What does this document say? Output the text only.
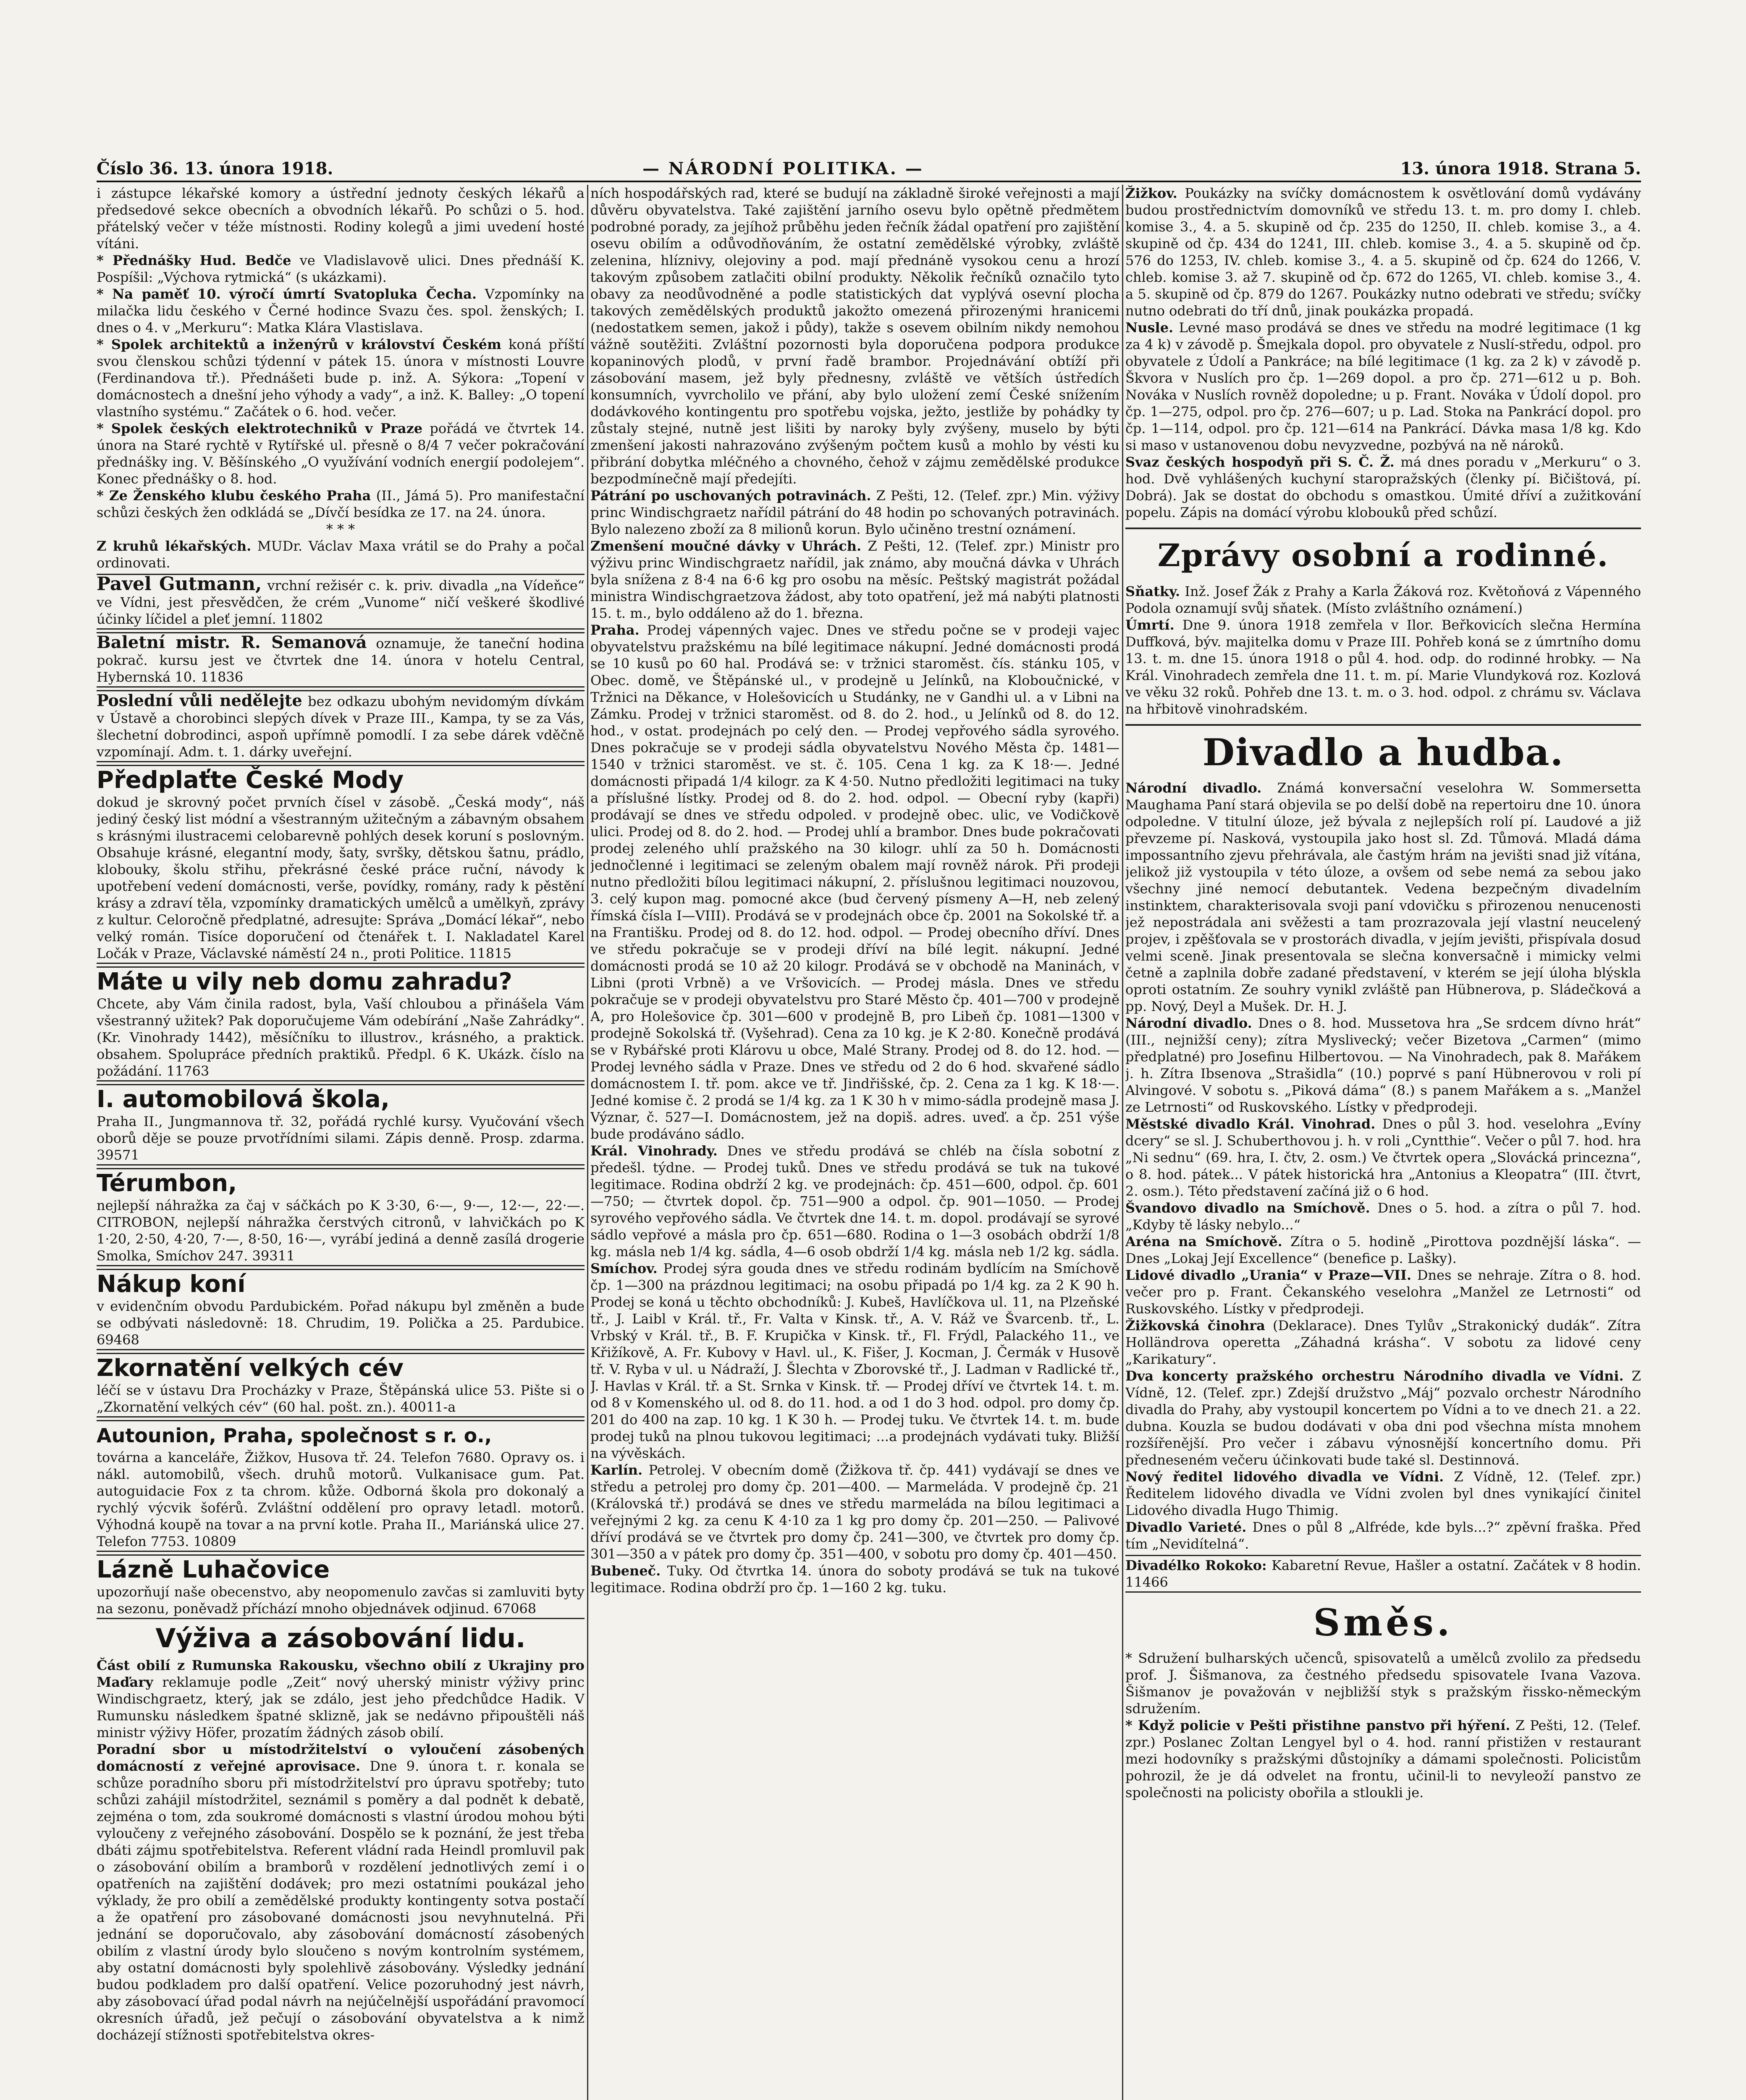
Číslo 36. 13. února 1918.	— NÁRODNÍ POLITIKA. —	13. února 1918. Strana 5.

i zástupce lékařské komory a ústřední jednoty českých lékařů a předsedové sekce obecních a obvodních lékařů. Po schůzi o 5. hod. přátelský večer v téže místnosti. Rodiny kolegů a jimi uvedení hosté vítáni.

* Přednášky Hud. Bedče ve Vladislavově ulici. Dnes přednáší K. Pospíšil: „Výchova rytmická“ (s ukázkami).

* Na paměť 10. výročí úmrtí Svatopluka Čecha. Vzpomínky na milačka lidu českého v Černé hodince Svazu čes. spol. ženských; I. dnes o 4. v „Merkuru“: Matka Klára Vlastislava.

* Spolek architektů a inženýrů v království Českém koná příští svou členskou schůzi týdenní v pátek 15. února v místnosti Louvre (Ferdinandova tř.). Přednášeti bude p. inž. A. Sýkora: „Topení v domácnostech a dnešní jeho výhody a vady“, a inž. K. Balley: „O topení vlastního systému.“ Začátek o 6. hod. večer.

* Spolek českých elektrotechniků v Praze pořádá ve čtvrtek 14. února na Staré rychtě v Rytířské ul. přesně o 8/4 7 večer pokračování přednášky ing. V. Běšínského „O využívání vodních energií podolejem“. Konec přednášky o 8. hod.

* Ze Ženského klubu českého Praha (II., Jámá 5). Pro manifestační schůzi českých žen odkládá se „Dívčí besídka ze 17. na 24. února.

* * *

Z kruhů lékařských. MUDr. Václav Maxa vrátil se do Prahy a počal ordinovati.

Pavel Gutmann, vrchní režisér c. k. priv. divadla „na Vídeňce“ ve Vídni, jest přesvědčen, že crém „Vunome“ ničí veškeré škodlivé účinky líčidel a pleť jemní. 11802

Baletní mistr. R. Semanová oznamuje, že taneční hodina pokrač. kursu jest ve čtvrtek dne 14. února v hotelu Central, Hybernská 10. 11836

Poslední vůli nedělejte bez odkazu ubohým nevidomým dívkám v Ústavě a chorobinci slepých dívek v Praze III., Kampa, ty se za Vás, šlechetní dobrodinci, aspoň upřímně pomodlí. I za sebe dárek vděčně vzpomínají. Adm. t. 1. dárky uveřejní.

Předplaťte České Mody

dokud je skrovný počet prvních čísel v zásobě. „Česká mody“, náš jediný český list módní a všestranným užitečným a zábavným obsahem s krásnými ilustracemi celobarevně pohlých desek koruní s poslovným. Obsahuje krásné, elegantní mody, šaty, svršky, dětskou šatnu, prádlo, klobouky, školu střihu, překrásné české práce ruční, návody k upotřebení vedení domácnosti, verše, povídky, romány, rady k pěstění krásy a zdraví těla, vzpomínky dramatických umělců a umělkyň, zprávy z kultur. Celoročně předplatné, adresujte: Správa „Domácí lékař“, nebo velký román. Tisíce doporučení od čtenářek t. I. Nakladatel Karel Ločák v Praze, Václavské náměstí 24 n., proti Politice. 11815

Máte u vily neb domu zahradu?

Chcete, aby Vám činila radost, byla, Vaší chloubou a přinášela Vám všestranný užitek? Pak doporučujeme Vám odebírání „Naše Zahrádky“. (Kr. Vinohrady 1442), měsíčníku to illustrov., krásného, a praktick. obsahem. Spolupráce předních praktiků. Předpl. 6 K. Ukázk. číslo na požádání. 11763

I. automobilová škola,

Praha II., Jungmannova tř. 32, pořádá rychlé kursy. Vyučování všech oborů děje se pouze prvotřídními silami. Zápis denně. Prosp. zdarma. 39571

Térumbon,

nejlepší náhražka za čaj v sáčkách po K 3·30, 6·—, 9·—, 12·—, 22·—. CITROBON, nejlepší náhražka čerstvých citronů, v lahvičkách po K 1·20, 2·50, 4·20, 7·—, 8·50, 16·—, vyrábí jediná a denně zasílá drogerie Smolka, Smíchov 247. 39311

Nákup koní

v evidenčním obvodu Pardubickém. Pořad nákupu byl změněn a bude se odbývati následovně: 18. Chrudim, 19. Polička a 25. Pardubice. 69468

Zkornatění velkých cév

léčí se v ústavu Dra Procházky v Praze, Štěpánská ulice 53. Pište si o „Zkornatění velkých cév“ (60 hal. pošt. zn.). 40011-a

Autounion, Praha, společnost s r. o.,

továrna a kanceláře, Žižkov, Husova tř. 24. Telefon 7680. Opravy os. i nákl. automobilů, všech. druhů motorů. Vulkanisace gum. Pat. autoguidacie Fox z ta chrom. kůže. Odborná škola pro dokonalý a rychlý výcvik šoférů. Zvláštní oddělení pro opravy letadl. motorů. Výhodná koupě na tovar a na první kotle. Praha II., Mariánská ulice 27. Telefon 7753. 10809

Lázně Luhačovice

upozorňují naše obecenstvo, aby neopomenulo zavčas si zamluviti byty na sezonu, poněvadž příchází mnoho objednávek odjinud. 67068

Výživa a zásobování lidu.

Část obilí z Rumunska Rakousku, všechno obilí z Ukrajiny pro Maďary reklamuje podle „Zeit“ nový uherský ministr výživy princ Windischgraetz, který, jak se zdálo, jest jeho předchůdce Hadik. V Rumunsku následkem špatné sklizně, jak se nedávno připouštěli náš ministr výživy Höfer, prozatím žádných zásob obilí.

Poradní sbor u místodržitelství o vyloučení zásobených domácností z veřejné aprovisace. Dne 9. února t. r. konala se schůze poradního sboru při místodržitelství pro úpravu spotřeby; tuto schůzi zahájil místodržitel, seznámil s poměry a dal podnět k debatě, zejména o tom, zda soukromé domácnosti s vlastní úrodou mohou býti vyloučeny z veřejného zásobování. Dospělo se k poznání, že jest třeba dbáti zájmu spotřebitelstva. Referent vládní rada Heindl promluvil pak o zásobování obilím a bramborů v rozdělení jednotlivých zemí i o opatřeních na zajištění dodávek; pro mezi ostatními poukázal jeho výklady, že pro obilí a zemědělské produkty kontingenty sotva postačí a že opatření pro zásobované domácnosti jsou nevyhnutelná. Při jednání se doporučovalo, aby zásobování domácností zásobených obilím z vlastní úrody bylo sloučeno s novým kontrolním systémem, aby ostatní domácnosti byly spolehlivě zásobovány. Výsledky jednání budou podkladem pro další opatření. Velice pozoruhodný jest návrh, aby zásobovací úřad podal návrh na nejúčelnější uspořádání pravomocí okresních úřadů, jež pečují o zásobování obyvatelstva a k nimž docházejí stížnosti spotřebitelstva okres-

ních hospodářských rad, které se budují na základně široké veřejnosti a mají důvěru obyvatelstva. Také zajištění jarního osevu bylo opětně předmětem podrobné porady, za jejíhož průběhu jeden řečník žádal opatření pro zajištění osevu obilím a odůvodňováním, že ostatní zemědělské výrobky, zvláště zelenina, hlíznivy, olejoviny a pod. mají přednáně vysokou cenu a hrozí takovým způsobem zatlačiti obilní produkty. Několik řečníků označilo tyto obavy za neodůvodněné a podle statistických dat vyplývá osevní plocha takových zemědělských produktů jakožto omezená přirozenými hranicemi (nedostatkem semen, jakož i půdy), takže s osevem obilním nikdy nemohou vážně soutěžiti. Zvláštní pozornosti byla doporučena podpora produkce kopaninových plodů, v první řadě brambor. Projednávání obtíží při zásobování masem, jež byly přednesny, zvláště ve větších ústředích konsumních, vyvrcholilo ve přání, aby bylo uložení zemí České snížením dodávkového kontingentu pro spotřebu vojska, ježto, jestliže by pohádky ty zůstaly stejné, nutně jest lišiti by naroky byly zvýšeny, muselo by býti zmenšení jakosti nahrazováno zvýšeným počtem kusů a mohlo by vésti ku přibrání dobytka mléčného a chovného, čehož v zájmu zemědělské produkce bezpodmínečně mají předejíti.

Pátrání po uschovaných potravinách. Z Pešti, 12. (Telef. zpr.) Min. výživy princ Windischgraetz nařídil pátrání do 48 hodin po schovaných potravinách. Bylo nalezeno zboží za 8 milionů korun. Bylo učiněno trestní oznámení.

Zmenšení moučné dávky v Uhrách. Z Pešti, 12. (Telef. zpr.) Ministr pro výživu princ Windischgraetz nařídil, jak známo, aby moučná dávka v Uhrách byla snížena z 8·4 na 6·6 kg pro osobu na měsíc. Peštský magistrát požádal ministra Windischgraetzova žádost, aby toto opatření, jež má nabýti platnosti 15. t. m., bylo oddáleno až do 1. března.

Praha. Prodej vápenných vajec. Dnes ve středu počne se v prodeji vajec obyvatelstvu pražskému na bílé legitimace nákupní. Jedné domácnosti prodá se 10 kusů po 60 hal. Prodává se: v tržnici staroměst. čís. stánku 105, v Obec. domě, ve Štěpánské ul., v prodejně u Jelínků, na Kloboučnické, v Tržnici na Děkance, v Holešovicích u Studánky, ne v Gandhi ul. a v Libni na Zámku. Prodej v tržnici staroměst. od 8. do 2. hod., u Jelínků od 8. do 12. hod., v ostat. prodejnách po celý den. — Prodej vepřového sádla syrového. Dnes pokračuje se v prodeji sádla obyvatelstvu Nového Města čp. 1481—1540 v tržnici staroměst. ve st. č. 105. Cena 1 kg. za K 18·—. Jedné domácnosti připadá 1/4 kilogr. za K 4·50. Nutno předložiti legitimaci na tuky a příslušné lístky. Prodej od 8. do 2. hod. odpol. — Obecní ryby (kapři) prodávají se dnes ve středu odpoled. v prodejně obec. ulic, ve Vodičkově ulici. Prodej od 8. do 2. hod. — Prodej uhlí a brambor. Dnes bude pokračovati prodej zeleného uhlí pražského na 30 kilogr. uhlí za 50 h. Domácnosti jednočlenné i legitimaci se zeleným obalem mají rovněž nárok. Při prodeji nutno předložiti bílou legitimaci nákupní, 2. příslušnou legitimaci nouzovou, 3. celý kupon mag. pomocné akce (bud červený písmeny A—H, neb zelený římská čísla I—VIII). Prodává se v prodejnách obce čp. 2001 na Sokolské tř. a na Františku. Prodej od 8. do 12. hod. odpol. — Prodej obecního dříví. Dnes ve středu pokračuje se v prodeji dříví na bílé legit. nákupní. Jedné domácnosti prodá se 10 až 20 kilogr. Prodává se v obchodě na Maninách, v Libni (proti Vrbně) a ve Vršovicích. — Prodej másla. Dnes ve středu pokračuje se v prodeji obyvatelstvu pro Staré Město čp. 401—700 v prodejně A, pro Holešovice čp. 301—600 v prodejně B, pro Libeň čp. 1081—1300 v prodejně Sokolská tř. (Vyšehrad). Cena za 10 kg. je K 2·80. Konečně prodává se v Rybářské proti Klárovu u obce, Malé Strany. Prodej od 8. do 12. hod. — Prodej levného sádla v Praze. Dnes ve středu od 2 do 6 hod. skvařené sádlo domácnostem I. tř. pom. akce ve tř. Jindřišské, čp. 2. Cena za 1 kg. K 18·—. Jedné komise č. 2 prodá se 1/4 kg. za 1 K 30 h v mimo-sádla prodejně masa J. Význar, č. 527—I. Domácnostem, jež na dopiš. adres. uveď. a čp. 251 výše bude prodáváno sádlo.

Král. Vinohrady. Dnes ve středu prodává se chléb na čísla sobotní z předešl. týdne. — Prodej tuků. Dnes ve středu prodává se tuk na tukové legitimace. Rodina obdrží 2 kg. ve prodejnách: čp. 451—600, odpol. čp. 601—750; — čtvrtek dopol. čp. 751—900 a odpol. čp. 901—1050. — Prodej syrového vepřového sádla. Ve čtvrtek dne 14. t. m. dopol. prodávají se syrové sádlo vepřové a másla pro čp. 651—680. Rodina o 1—3 osobách obdrží 1/8 kg. másla neb 1/4 kg. sádla, 4—6 osob obdrží 1/4 kg. másla neb 1/2 kg. sádla.

Smíchov. Prodej sýra gouda dnes ve středu rodinám bydlícím na Smíchově čp. 1—300 na prázdnou legitimaci; na osobu připadá po 1/4 kg. za 2 K 90 h. Prodej se koná u těchto obchodníků: J. Kubeš, Havlíčkova ul. 11, na Plzeňské tř., J. Laibl v Král. tř., Fr. Valta v Kinsk. tř., A. V. Ráž ve Švarcenb. tř., L. Vrbský v Král. tř., B. F. Krupička v Kinsk. tř., Fl. Frýdl, Palackého 11., ve Křižíkově, A. Fr. Kubovy v Havl. ul., K. Fišer, J. Kocman, J. Čermák v Husově tř. V. Ryba v ul. u Nádraží, J. Šlechta v Zborovské tř., J. Ladman v Radlické tř., J. Havlas v Král. tř. a St. Srnka v Kinsk. tř. — Prodej dříví ve čtvrtek 14. t. m. od 8 v Komenského ul. od 8. do 11. hod. a od 1 do 3 hod. odpol. pro domy čp. 201 do 400 na zap. 10 kg. 1 K 30 h. — Prodej tuku. Ve čtvrtek 14. t. m. bude prodej tuků na plnou tukovou legitimaci; ...a prodejnách vydávati tuky. Bližší na vývěskách.

Karlín. Petrolej. V obecním domě (Žižkova tř. čp. 441) vydávají se dnes ve středu a petrolej pro domy čp. 201—400. — Marmeláda. V prodejně čp. 21 (Královská tř.) prodává se dnes ve středu marmeláda na bílou legitimaci a veřejnými 2 kg. za cenu K 4·10 za 1 kg pro domy čp. 201—250. — Palivové dříví prodává se ve čtvrtek pro domy čp. 241—300, ve čtvrtek pro domy čp. 301—350 a v pátek pro domy čp. 351—400, v sobotu pro domy čp. 401—450.

Bubeneč. Tuky. Od čtvrtka 14. února do soboty prodává se tuk na tukové legitimace. Rodina obdrží pro čp. 1—160 2 kg. tuku.

Žižkov. Poukázky na svíčky domácnostem k osvětlování domů vydávány budou prostřednictvím domovníků ve středu 13. t. m. pro domy I. chleb. komise 3., 4. a 5. skupině od čp. 235 do 1250, II. chleb. komise 3., a 4. skupině od čp. 434 do 1241, III. chleb. komise 3., 4. a 5. skupině od čp. 576 do 1253, IV. chleb. komise 3., 4. a 5. skupině od čp. 624 do 1266, V. chleb. komise 3. až 7. skupině od čp. 672 do 1265, VI. chleb. komise 3., 4. a 5. skupině od čp. 879 do 1267. Poukázky nutno odebrati ve středu; svíčky nutno odebrati do tří dnů, jinak poukázka propadá.

Nusle. Levné maso prodává se dnes ve středu na modré legitimace (1 kg za 4 k) v závodě p. Šmejkala dopol. pro obyvatele z Nuslí-středu, odpol. pro obyvatele z Údolí a Pankráce; na bílé legitimace (1 kg. za 2 k) v závodě p. Škvora v Nuslích pro čp. 1—269 dopol. a pro čp. 271—612 u p. Boh. Nováka v Nuslích rovněž dopoledne; u p. Frant. Nováka v Údolí dopol. pro čp. 1—275, odpol. pro čp. 276—607; u p. Lad. Stoka na Pankrácí dopol. pro čp. 1—114, odpol. pro čp. 121—614 na Pankrácí. Dávka masa 1/8 kg. Kdo si maso v ustanovenou dobu nevyzvedne, pozbývá na ně nároků.

Svaz českých hospodyň při S. Č. Ž. má dnes poradu v „Merkuru“ o 3. hod. Dvě vyhlášených kuchyní staropražských (členky pí. Bičištová, pí. Dobrá). Jak se dostat do obchodu s omastkou. Úmité dříví a zužitkování popelu. Zápis na domácí výrobu klobouků před schůzí.

Zprávy osobní a rodinné.

Sňatky. Inž. Josef Žák z Prahy a Karla Žáková roz. Květoňová z Vápenného Podola oznamují svůj sňatek. (Místo zvláštního oznámení.)

Úmrtí. Dne 9. února 1918 zemřela v Ilor. Beřkovicích slečna Hermína Duffková, býv. majitelka domu v Praze III. Pohřeb koná se z úmrtního domu 13. t. m. dne 15. února 1918 o půl 4. hod. odp. do rodinné hrobky. — Na Král. Vinohradech zemřela dne 11. t. m. pí. Marie Vlundyková roz. Kozlová ve věku 32 roků. Pohřeb dne 13. t. m. o 3. hod. odpol. z chrámu sv. Václava na hřbitově vinohradském.

Divadlo a hudba.

Národní divadlo. Známá konversační veselohra W. Sommersetta Maughama Paní stará objevila se po delší době na repertoiru dne 10. února odpoledne. V titulní úloze, jež bývala z nejlepších rolí pí. Laudové a již převzeme pí. Nasková, vystoupila jako host sl. Zd. Tůmová. Mladá dáma impossantního zjevu přehrávala, ale častým hrám na jevišti snad již vítána, jelikož již vystoupila v této úloze, a ovšem od sebe nemá za sebou jako všechny jiné nemocí debutantek. Vedena bezpečným divadelním instinktem, charakterisovala svoji paní vdovičku s přirozenou nenucenosti jež nepostrádala ani svěžesti a tam prozrazovala její vlastní neucelený projev, i zpěšťovala se v prostorách divadla, v jejím jevišti, přispívala dosud velmi sceně. Jinak presentovala se slečna konversačně i mimicky velmi četně a zaplnila dobře zadané představení, v kterém se její úloha blýskla oproti ostatním. Ze souhry vynikl zvláště pan Hübnerova, p. Sládečková a pp. Nový, Deyl a Mušek. Dr. H. J.

Národní divadlo. Dnes o 8. hod. Mussetova hra „Se srdcem dívno hrát“ (III., nejnižší ceny); zítra Myslivecký; večer Bizetova „Carmen“ (mimo předplatné) pro Josefinu Hilbertovou. — Na Vinohradech, pak 8. Mařákem j. h. Zítra Ibsenova „Strašidla“ (10.) poprvé s paní Hübnerovou v roli pí Alvingové. V sobotu s. „Piková dáma“ (8.) s panem Mařákem a s. „Manžel ze Letrnosti“ od Ruskovského. Lístky v předprodeji.

Městské divadlo Král. Vinohrad. Dnes o půl 3. hod. veselohra „Evíny dcery“ se sl. J. Schuberthovou j. h. v roli „Cyntthie“. Večer o půl 7. hod. hra „Ni sednu“ (69. hra, I. čtv, 2. osm.) Ve čtvrtek opera „Slovácká princezna“, o 8. hod. pátek... V pátek historická hra „Antonius a Kleopatra“ (III. čtvrt, 2. osm.). Této představení začíná již o 6 hod.

Švandovo divadlo na Smíchově. Dnes o 5. hod. a zítra o půl 7. hod. „Kdyby tě lásky nebylo...“

Aréna na Smíchově. Zítra o 5. hodině „Pirottova pozdnější láska“. — Dnes „Lokaj Její Excellence“ (benefice p. Lašky).

Lidové divadlo „Urania“ v Praze—VII. Dnes se nehraje. Zítra o 8. hod. večer pro p. Frant. Čekanského veselohra „Manžel ze Letrnosti“ od Ruskovského. Lístky v předprodeji.

Žižkovská činohra (Deklarace). Dnes Tylův „Strakonický dudák“. Zítra Holländrova operetta „Záhadná krásha“. V sobotu za lidové ceny „Karikatury“.

Dva koncerty pražského orchestru Národního divadla ve Vídni. Z Vídně, 12. (Telef. zpr.) Zdejší družstvo „Máj“ pozvalo orchestr Národního divadla do Prahy, aby vystoupil koncertem po Vídni a to ve dnech 21. a 22. dubna. Kouzla se budou dodávati v oba dni pod všechna místa mnohem rozšířenější. Pro večer i zábavu výnosnější koncertního domu. Při předneseném večeru účinkovati bude také sl. Destinnová.

Nový ředitel lidového divadla ve Vídni. Z Vídně, 12. (Telef. zpr.) Ředitelem lidového divadla ve Vídni zvolen byl dnes vynikající činitel Lidového divadla Hugo Thimig.

Divadlo Varieté. Dnes o půl 8 „Alfréde, kde byls...?“ zpěvní fraška. Před tím „Nevidítelná“.

Divadélko Rokoko: Kabaretní Revue, Hašler a ostatní. Začátek v 8 hodin. 11466

Směs.

* Sdružení bulharských učenců, spisovatelů a umělců zvolilo za předsedu prof. J. Šišmanova, za čestného předsedu spisovatele Ivana Vazova. Šišmanov je považován v nejbližší styk s pražským řissko-německým sdružením.

* Když policie v Pešti přistihne panstvo při hýření. Z Pešti, 12. (Telef. zpr.) Poslanec Zoltan Lengyel byl o 4. hod. ranní přistižen v restaurant mezi hodovníky s pražskými důstojníky a dámami společnosti. Policistům pohrozil, že je dá odvelet na frontu, učinil-li to nevyleoží panstvo ze společnosti na policisty obořila a stloukli je.
